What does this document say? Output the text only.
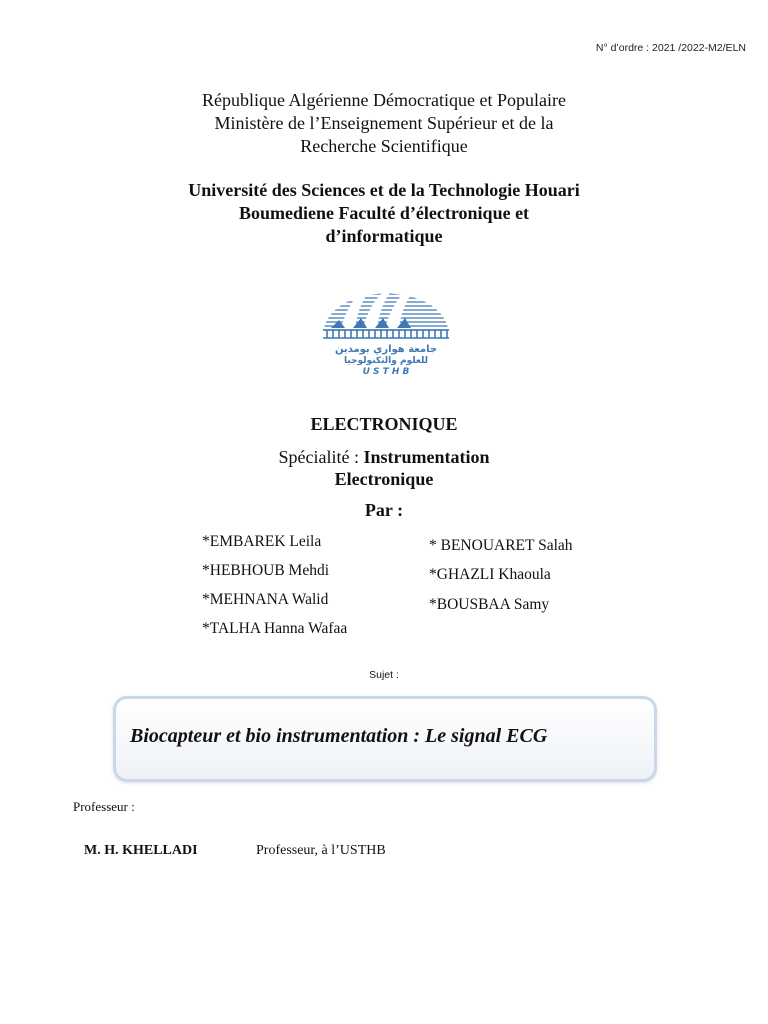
N° d’ordre : 2021 /2022-M2/ELN
République Algérienne Démocratique et Populaire
Ministère de l’Enseignement Supérieur et de la
Recherche Scientifique
Université des Sciences et de la Technologie Houari
Boumediene Faculté d’électronique et
d’informatique
جامعة هواري بومدين
للعلوم والتكنولوجيا
U S T H B
ELECTRONIQUE
Spécialité : Instrumentation
Electronique
Par :
*EMBAREK Leila
*HEBHOUB Mehdi
*MEHNANA Walid
*TALHA Hanna Wafaa
* BENOUARET Salah
*GHAZLI Khaoula
*BOUSBAA Samy
Sujet :
Biocapteur et bio instrumentation : Le signal ECG
Professeur :
M. H. KHELLADI	Professeur, à l’USTHB
